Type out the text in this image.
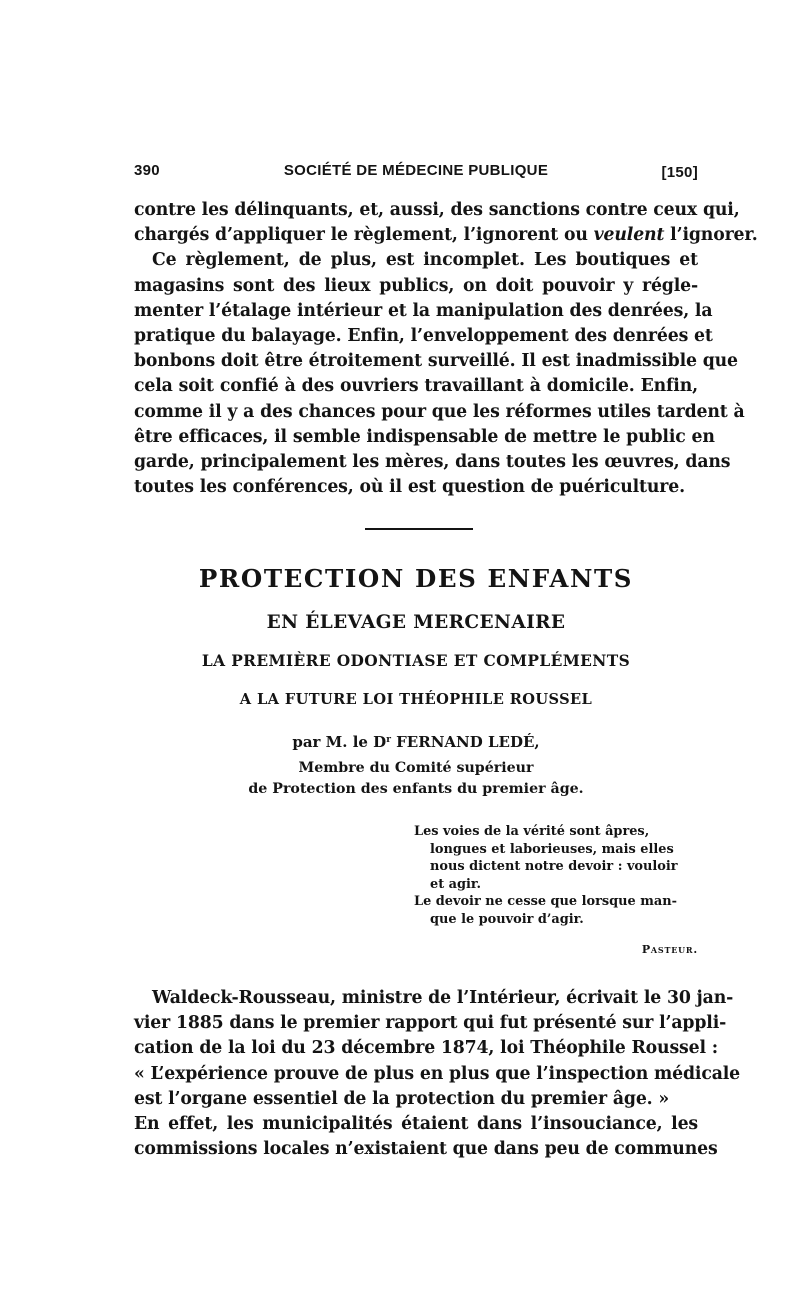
390	SOCIÉTÉ DE MÉDECINE PUBLIQUE	[150]
contre les délinquants, et, aussi, des sanctions contre ceux qui,
chargés d’appliquer le règlement, l’ignorent ou veulent l’ignorer.
Ce règlement, de plus, est incomplet. Les boutiques et
magasins sont des lieux publics, on doit pouvoir y régle-
menter l’étalage intérieur et la manipulation des denrées, la
pratique du balayage. Enfin, l’enveloppement des denrées et
bonbons doit être étroitement surveillé. Il est inadmissible que
cela soit confié à des ouvriers travaillant à domicile. Enfin,
comme il y a des chances pour que les réformes utiles tardent à
être efficaces, il semble indispensable de mettre le public en
garde, principalement les mères, dans toutes les œuvres, dans
toutes les conférences, où il est question de puériculture.
PROTECTION DES ENFANTS
EN ÉLEVAGE MERCENAIRE
LA PREMIÈRE ODONTIASE ET COMPLÉMENTS
A LA FUTURE LOI THÉOPHILE ROUSSEL
par M. le $D^r$ FERNAND LEDÉ,
Membre du Comité supérieur
de Protection des enfants du premier âge.
Les voies de la vérité sont âpres,
longues et laborieuses, mais elles
nous dictent notre devoir : vouloir
et agir.
Le devoir ne cesse que lorsque man-
que le pouvoir d’agir.
Pasteur.
Waldeck-Rousseau, ministre de l’Intérieur, écrivait le 30 jan-
vier 1885 dans le premier rapport qui fut présenté sur l’appli-
cation de la loi du 23 décembre 1874, loi Théophile Roussel :
« L’expérience prouve de plus en plus que l’inspection médicale
est l’organe essentiel de la protection du premier âge. »
En effet, les municipalités étaient dans l’insouciance, les
commissions locales n’existaient que dans peu de communes
